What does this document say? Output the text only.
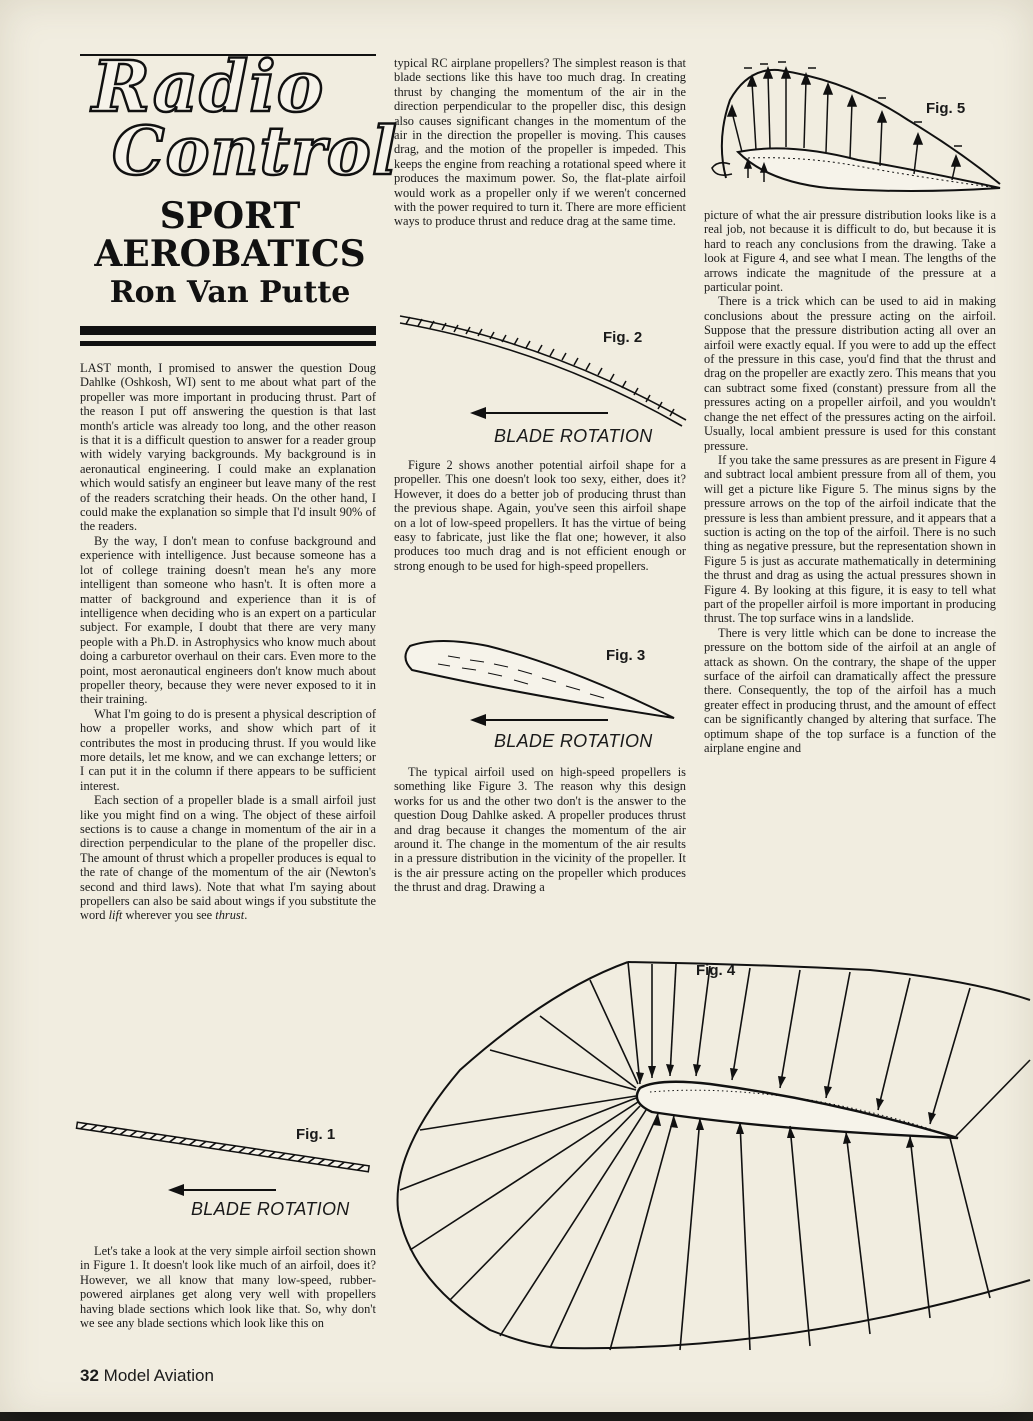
Radio
Control
SPORT
AEROBATICS
Ron Van Putte

LAST month, I promised to answer the question Doug Dahlke (Oshkosh, WI) sent to me about what part of the propeller was more important in producing thrust. Part of the reason I put off answering the question is that last month's article was already too long, and the other reason is that it is a difficult question to answer for a reader group with widely varying backgrounds. My background is in aeronautical engineering. I could make an explanation which would satisfy an engineer but leave many of the rest of the readers scratching their heads. On the other hand, I could make the explanation so simple that I'd insult 90% of the readers.

By the way, I don't mean to confuse background and experience with intelligence. Just because someone has a lot of college training doesn't mean he's any more intelligent than someone who hasn't. It is often more a matter of background and experience than it is of intelligence when deciding who is an expert on a particular subject. For example, I doubt that there are very many people with a Ph.D. in Astrophysics who know much about doing a carburetor overhaul on their cars. Even more to the point, most aeronautical engineers don't know much about propeller theory, because they were never exposed to it in their training.

What I'm going to do is present a physical description of how a propeller works, and show which part of it contributes the most in producing thrust. If you would like more details, let me know, and we can exchange letters; or I can put it in the column if there appears to be sufficient interest.

Each section of a propeller blade is a small airfoil just like you might find on a wing. The object of these airfoil sections is to cause a change in momentum of the air in a direction perpendicular to the plane of the propeller disc. The amount of thrust which a propeller produces is equal to the rate of change of the momentum of the air (Newton's second and third laws). Note that what I'm saying about propellers can also be said about wings if you substitute the word lift wherever you see thrust.

Fig. 1
BLADE ROTATION

Let's take a look at the very simple airfoil section shown in Figure 1. It doesn't look like much of an airfoil, does it? However, we all know that many low-speed, rubber-powered airplanes get along very well with propellers having blade sections which look like that. So, why don't we see any blade sections which look like this on

typical RC airplane propellers? The simplest reason is that blade sections like this have too much drag. In creating thrust by changing the momentum of the air in the direction perpendicular to the propeller disc, this design also causes significant changes in the momentum of the air in the direction the propeller is moving. This causes drag, and the motion of the propeller is impeded. This keeps the engine from reaching a rotational speed where it produces the maximum power. So, the flat-plate airfoil would work as a propeller only if we weren't concerned with the power required to turn it. There are more efficient ways to produce thrust and reduce drag at the same time.

Fig. 2
BLADE ROTATION

Figure 2 shows another potential airfoil shape for a propeller. This one doesn't look too sexy, either, does it? However, it does do a better job of producing thrust than the previous shape. Again, you've seen this airfoil shape on a lot of low-speed propellers. It has the virtue of being easy to fabricate, just like the flat one; however, it also produces too much drag and is not efficient enough or strong enough to be used for high-speed propellers.

Fig. 3
BLADE ROTATION

The typical airfoil used on high-speed propellers is something like Figure 3. The reason why this design works for us and the other two don't is the answer to the question Doug Dahlke asked. A propeller produces thrust and drag because it changes the momentum of the air around it. The change in the momentum of the air results in a pressure distribution in the vicinity of the propeller. It is the air pressure acting on the propeller which produces the thrust and drag. Drawing a

Fig. 5

picture of what the air pressure distribution looks like is a real job, not because it is difficult to do, but because it is hard to reach any conclusions from the drawing. Take a look at Figure 4, and see what I mean. The lengths of the arrows indicate the magnitude of the pressure at a particular point.

There is a trick which can be used to aid in making conclusions about the pressure acting on the airfoil. Suppose that the pressure distribution acting all over an airfoil were exactly equal. If you were to add up the effect of the pressure in this case, you'd find that the thrust and drag on the propeller are exactly zero. This means that you can subtract some fixed (constant) pressure from all the pressures acting on a propeller airfoil, and you wouldn't change the net effect of the pressures acting on the airfoil. Usually, local ambient pressure is used for this constant pressure.

If you take the same pressures as are present in Figure 4 and subtract local ambient pressure from all of them, you will get a picture like Figure 5. The minus signs by the pressure arrows on the top of the airfoil indicate that the pressure is less than ambient pressure, and it appears that a suction is acting on the top of the airfoil. There is no such thing as negative pressure, but the representation shown in Figure 5 is just as accurate mathematically in determining the thrust and drag as using the actual pressures shown in Figure 4. By looking at this figure, it is easy to tell what part of the propeller airfoil is more important in producing thrust. The top surface wins in a landslide.

There is very little which can be done to increase the pressure on the bottom side of the airfoil at an angle of attack as shown. On the contrary, the shape of the upper surface of the airfoil can dramatically affect the pressure there. Consequently, the top of the airfoil has a much greater effect in producing thrust, and the amount of effect can be significantly changed by altering that surface. The optimum shape of the top surface is a function of the airplane engine and

Fig. 4
32 Model Aviation
